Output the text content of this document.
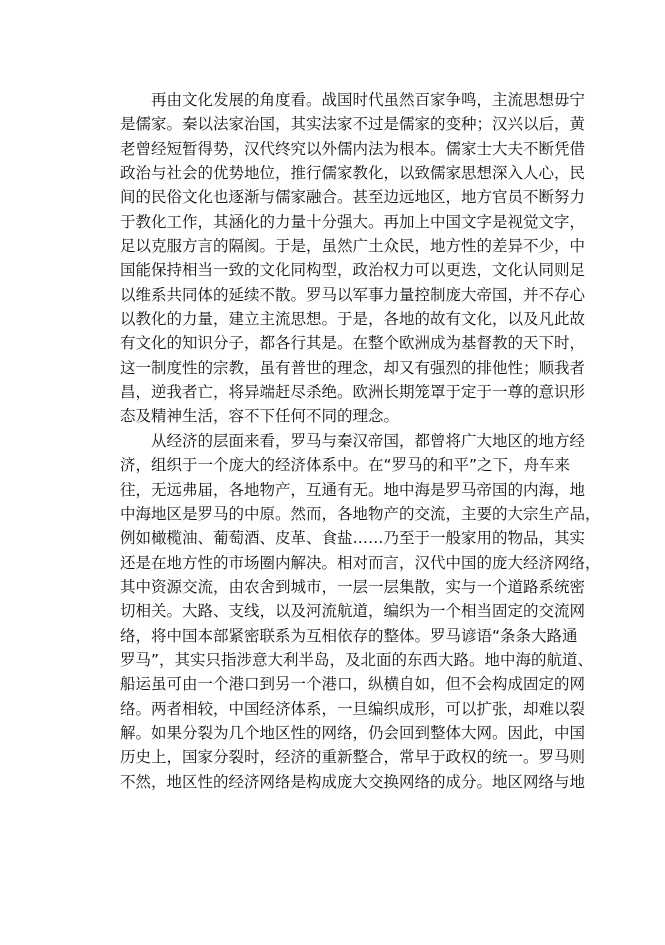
　　再由文化发展的角度看。战国时代虽然百家争鸣，主流思想毋宁
是儒家。秦以法家治国，其实法家不过是儒家的变种；汉兴以后，黄
老曾经短暂得势，汉代终究以外儒内法为根本。儒家士大夫不断凭借
政治与社会的优势地位，推行儒家教化，以致儒家思想深入人心，民
间的民俗文化也逐渐与儒家融合。甚至边远地区，地方官员不断努力
于教化工作，其涵化的力量十分强大。再加上中国文字是视觉文字，
足以克服方言的隔阂。于是，虽然广土众民，地方性的差异不少，中
国能保持相当一致的文化同构型，政治权力可以更迭，文化认同则足
以维系共同体的延续不散。罗马以军事力量控制庞大帝国，并不存心
以教化的力量，建立主流思想。于是，各地的故有文化，以及凡此故
有文化的知识分子，都各行其是。在整个欧洲成为基督教的天下时，
这一制度性的宗教，虽有普世的理念，却又有强烈的排他性；顺我者
昌，逆我者亡，将异端赶尽杀绝。欧洲长期笼罩于定于一尊的意识形
态及精神生活，容不下任何不同的理念。
　　从经济的层面来看，罗马与秦汉帝国，都曾将广大地区的地方经
济，组织于一个庞大的经济体系中。在“罗马的和平”之下，舟车来
往，无远弗届，各地物产，互通有无。地中海是罗马帝国的内海，地
中海地区是罗马的中原。然而，各地物产的交流，主要的大宗生产品，
例如橄榄油、葡萄酒、皮革、食盐……乃至于一般家用的物品，其实
还是在地方性的市场圈内解决。相对而言，汉代中国的庞大经济网络，
其中资源交流，由农舍到城市，一层一层集散，实与一个道路系统密
切相关。大路、支线，以及河流航道，编织为一个相当固定的交流网
络，将中国本部紧密联系为互相依存的整体。罗马谚语“条条大路通
罗马”，其实只指涉意大利半岛，及北面的东西大路。地中海的航道、
船运虽可由一个港口到另一个港口，纵横自如，但不会构成固定的网
络。两者相较，中国经济体系，一旦编织成形，可以扩张，却难以裂
解。如果分裂为几个地区性的网络，仍会回到整体大网。因此，中国
历史上，国家分裂时，经济的重新整合，常早于政权的统一。罗马则
不然，地区性的经济网络是构成庞大交换网络的成分。地区网络与地
